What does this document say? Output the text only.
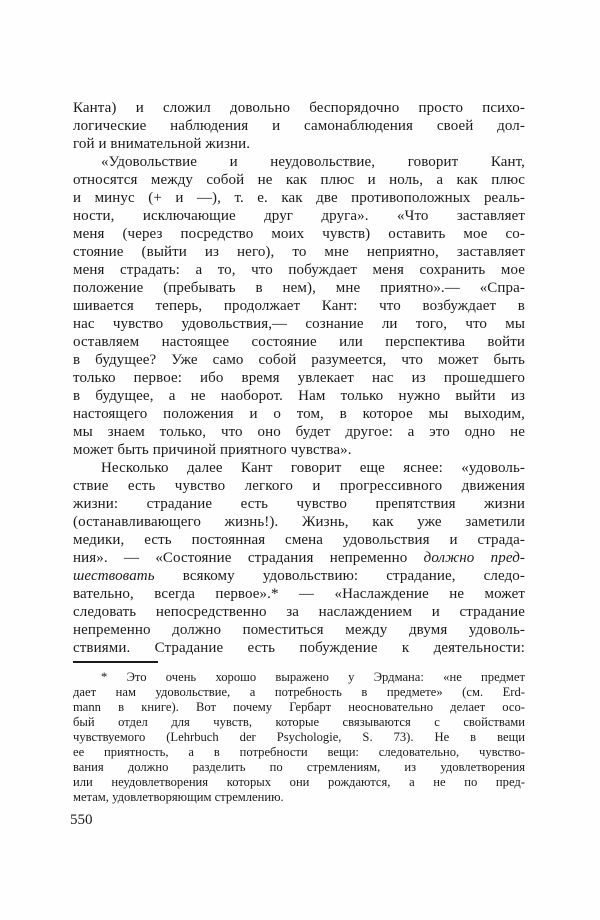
Канта) и сложил довольно беспорядочно просто психо-
логические наблюдения и самонаблюдения своей дол-
гой и внимательной жизни.
«Удовольствие и неудовольствие, говорит Кант,
относятся между собой не как плюс и ноль, а как плюс
и минус (+ и —), т. е. как две противоположных реаль-
ности, исключающие друг друга». «Что заставляет
меня (через посредство моих чувств) оставить мое со-
стояние (выйти из него), то мне неприятно, заставляет
меня страдать: а то, что побуждает меня сохранить мое
положение (пребывать в нем), мне приятно».— «Спра-
шивается теперь, продолжает Кант: что возбуждает в
нас чувство удовольствия,— сознание ли того, что мы
оставляем настоящее состояние или перспектива войти
в будущее? Уже само собой разумеется, что может быть
только первое: ибо время увлекает нас из прошедшего
в будущее, а не наоборот. Нам только нужно выйти из
настоящего положения и о том, в которое мы выходим,
мы знаем только, что оно будет другое: а это одно не
может быть причиной приятного чувства».
Несколько далее Кант говорит еще яснее: «удоволь-
ствие есть чувство легкого и прогрессивного движения
жизни: страдание есть чувство препятствия жизни
(останавливающего жизнь!). Жизнь, как уже заметили
медики, есть постоянная смена удовольствия и страда-
ния». — «Состояние страдания непременно должно пред-
шествовать всякому удовольствию: страдание, следо-
вательно, всегда первое».* — «Наслаждение не может
следовать непосредственно за наслаждением и страдание
непременно должно поместиться между двумя удоволь-
ствиями. Страдание есть побуждение к деятельности:
* Это очень хорошо выражено у Эрдмана: «не предмет
дает нам удовольствие, а потребность в предмете» (см. Erd-
mann в книге). Вот почему Гербарт неосновательно делает осо-
бый отдел для чувств, которые связываются с свойствами
чувствуемого (Lehrbuch der Psychologie, S. 73). Не в вещи
ее приятность, а в потребности вещи: следовательно, чувство-
вания должно разделить по стремлениям, из удовлетворения
или неудовлетворения которых они рождаются, а не по пред-
метам, удовлетворяющим стремлению.
550
